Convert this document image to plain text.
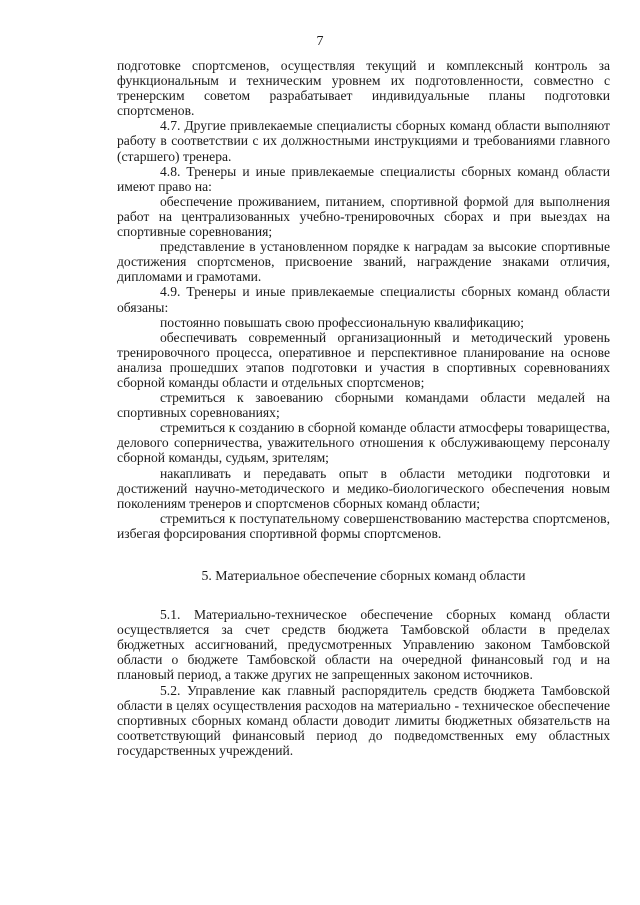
7

подготовке спортсменов, осуществляя текущий и комплексный контроль за функциональным и техническим уровнем их подготовленности, совместно с тренерским советом разрабатывает индивидуальные планы подготовки спортсменов.

4.7. Другие привлекаемые специалисты сборных команд области выполняют работу в соответствии с их должностными инструкциями и требованиями главного (старшего) тренера.

4.8. Тренеры и иные привлекаемые специалисты сборных команд области имеют право на:

обеспечение проживанием, питанием, спортивной формой для выполнения работ на централизованных учебно-тренировочных сборах и при выездах на спортивные соревнования;

представление в установленном порядке к наградам за высокие спортивные достижения спортсменов, присвоение званий, награждение знаками отличия, дипломами и грамотами.

4.9. Тренеры и иные привлекаемые специалисты сборных команд области обязаны:

постоянно повышать свою профессиональную квалификацию;

обеспечивать современный организационный и методический уровень тренировочного процесса, оперативное и перспективное планирование на основе анализа прошедших этапов подготовки и участия в спортивных соревнованиях сборной команды области и отдельных спортсменов;

стремиться к завоеванию сборными командами области медалей на спортивных соревнованиях;

стремиться к созданию в сборной команде области атмосферы товарищества, делового соперничества, уважительного отношения к обслуживающему персоналу сборной команды, судьям, зрителям;

накапливать и передавать опыт в области методики подготовки и достижений научно-методического и медико-биологического обеспечения новым поколениям тренеров и спортсменов сборных команд области;

стремиться к поступательному совершенствованию мастерства спортсменов, избегая форсирования спортивной формы спортсменов.

5. Материальное обеспечение сборных команд области

5.1. Материально-техническое обеспечение сборных команд области осуществляется за счет средств бюджета Тамбовской области в пределах бюджетных ассигнований, предусмотренных Управлению законом Тамбовской области о бюджете Тамбовской области на очередной финансовый год и на плановый период, а также других не запрещенных законом источников.

5.2. Управление как главный распорядитель средств бюджета Тамбовской области в целях осуществления расходов на материально - техническое обеспечение спортивных сборных команд области доводит лимиты бюджетных обязательств на соответствующий финансовый период до подведомственных ему областных государственных учреждений.
